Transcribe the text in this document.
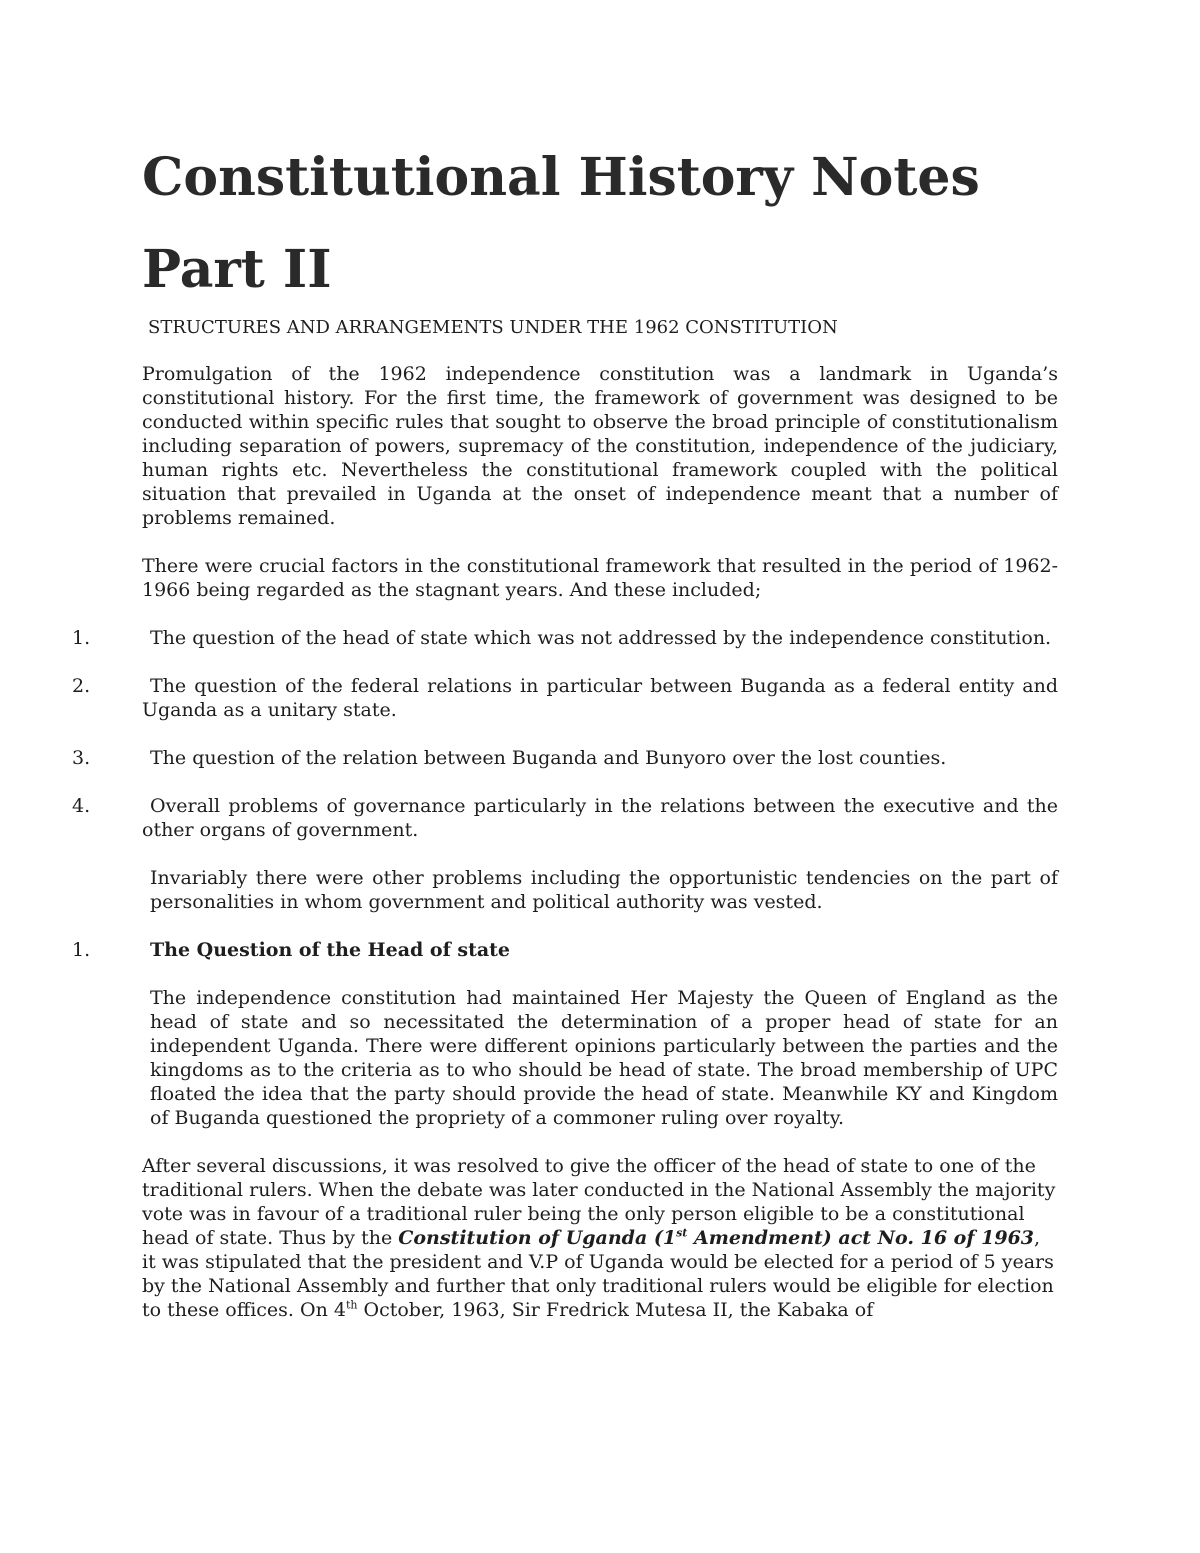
Constitutional History Notes
Part II
STRUCTURES AND ARRANGEMENTS UNDER THE 1962 CONSTITUTION

Promulgation of the 1962 independence constitution was a landmark in Uganda’s constitutional history. For the first time, the framework of government was designed to be conducted within specific rules that sought to observe the broad principle of constitutionalism including separation of powers, supremacy of the constitution, independence of the judiciary, human rights etc. Nevertheless the constitutional framework coupled with the political situation that prevailed in Uganda at the onset of independence meant that a number of problems remained.

There were crucial factors in the constitutional framework that resulted in the period of 1962-1966 being regarded as the stagnant years. And these included;

1.	The question of the head of state which was not addressed by the independence constitution.
2.	The question of the federal relations in particular between Buganda as a federal entity and Uganda as a unitary state.
3.	The question of the relation between Buganda and Bunyoro over the lost counties.
4.	Overall problems of governance particularly in the relations between the executive and the other organs of government.

Invariably there were other problems including the opportunistic tendencies on the part of personalities in whom government and political authority was vested.

1.	The Question of the Head of state

The independence constitution had maintained Her Majesty the Queen of England as the head of state and so necessitated the determination of a proper head of state for an independent Uganda. There were different opinions particularly between the parties and the kingdoms as to the criteria as to who should be head of state. The broad membership of UPC floated the idea that the party should provide the head of state. Meanwhile KY and Kingdom of Buganda questioned the propriety of a commoner ruling over royalty.

After several discussions, it was resolved to give the officer of the head of state to one of the traditional rulers. When the debate was later conducted in the National Assembly the majority vote was in favour of a traditional ruler being the only person eligible to be a constitutional head of state. Thus by the Constitution of Uganda (1st Amendment) act No. 16 of 1963, it was stipulated that the president and V.P of Uganda would be elected for a period of 5 years by the National Assembly and further that only traditional rulers would be eligible for election to these offices. On 4th October, 1963, Sir Fredrick Mutesa II, the Kabaka of
